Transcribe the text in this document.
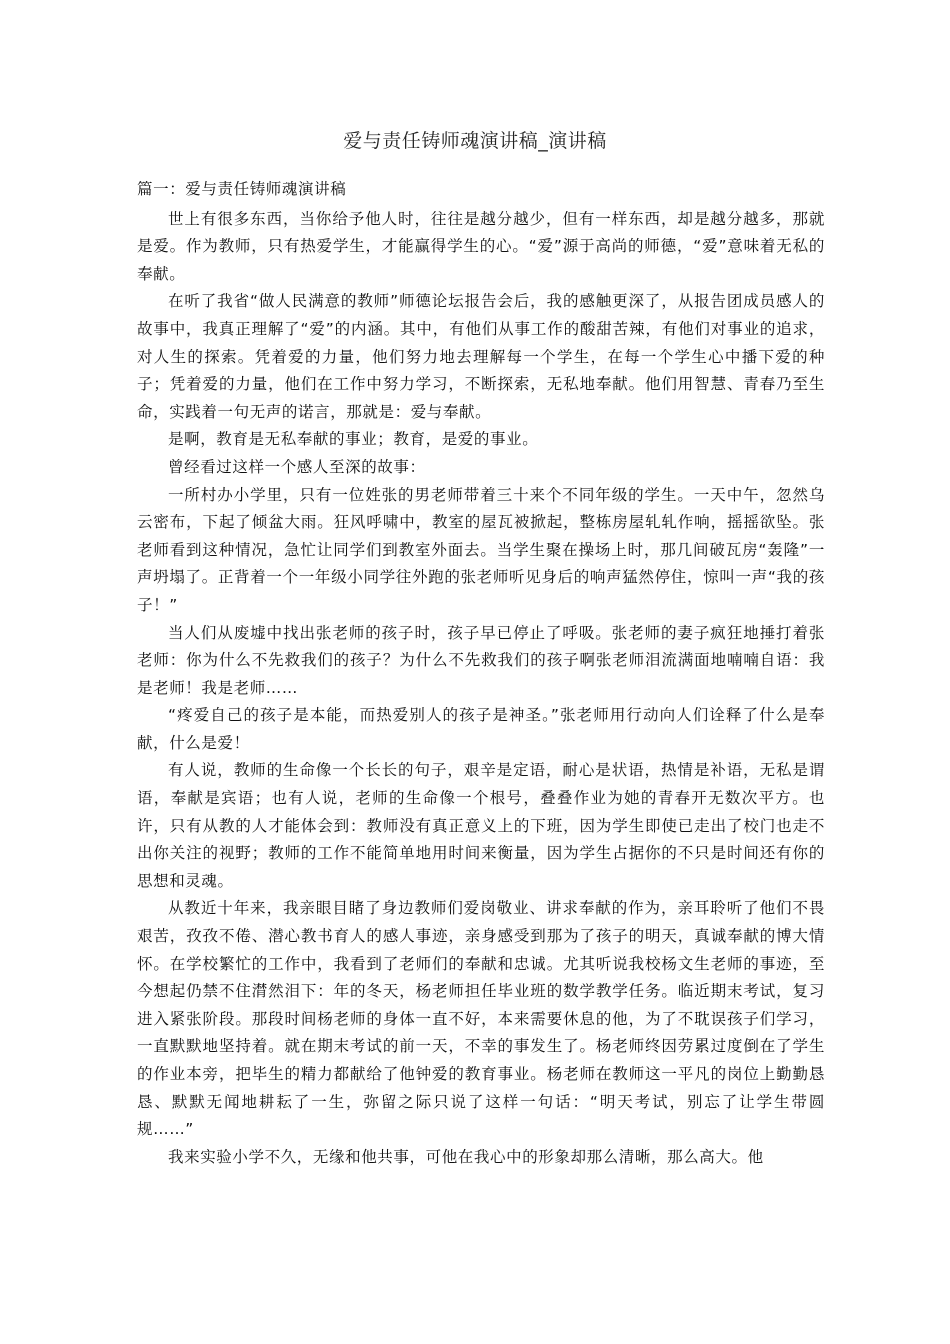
爱与责任铸师魂演讲稿_演讲稿

篇一：爱与责任铸师魂演讲稿

世上有很多东西，当你给予他人时，往往是越分越少，但有一样东西，却是越分越多，那就是爱。作为教师，只有热爱学生，才能赢得学生的心。“爱”源于高尚的师德，“爱”意味着无私的奉献。

在听了我省“做人民满意的教师”师德论坛报告会后，我的感触更深了，从报告团成员感人的故事中，我真正理解了“爱”的内涵。其中，有他们从事工作的酸甜苦辣，有他们对事业的追求，对人生的探索。凭着爱的力量，他们努力地去理解每一个学生，在每一个学生心中播下爱的种子；凭着爱的力量，他们在工作中努力学习，不断探索，无私地奉献。他们用智慧、青春乃至生命，实践着一句无声的诺言，那就是：爱与奉献。

是啊，教育是无私奉献的事业；教育，是爱的事业。

曾经看过这样一个感人至深的故事：

一所村办小学里，只有一位姓张的男老师带着三十来个不同年级的学生。一天中午，忽然乌云密布，下起了倾盆大雨。狂风呼啸中，教室的屋瓦被掀起，整栋房屋轧轧作响，摇摇欲坠。张老师看到这种情况，急忙让同学们到教室外面去。当学生聚在操场上时，那几间破瓦房“轰隆”一声坍塌了。正背着一个一年级小同学往外跑的张老师听见身后的响声猛然停住，惊叫一声“我的孩子！”

当人们从废墟中找出张老师的孩子时，孩子早已停止了呼吸。张老师的妻子疯狂地捶打着张老师：你为什么不先救我们的孩子？为什么不先救我们的孩子啊张老师泪流满面地喃喃自语：我是老师！我是老师……

“疼爱自己的孩子是本能，而热爱别人的孩子是神圣。”张老师用行动向人们诠释了什么是奉献，什么是爱！

有人说，教师的生命像一个长长的句子，艰辛是定语，耐心是状语，热情是补语，无私是谓语，奉献是宾语；也有人说，老师的生命像一个根号，叠叠作业为她的青春开无数次平方。也许，只有从教的人才能体会到：教师没有真正意义上的下班，因为学生即使已走出了校门也走不出你关注的视野；教师的工作不能简单地用时间来衡量，因为学生占据你的不只是时间还有你的思想和灵魂。

从教近十年来，我亲眼目睹了身边教师们爱岗敬业、讲求奉献的作为，亲耳聆听了他们不畏艰苦，孜孜不倦、潜心教书育人的感人事迹，亲身感受到那为了孩子的明天，真诚奉献的博大情怀。在学校繁忙的工作中，我看到了老师们的奉献和忠诚。尤其听说我校杨文生老师的事迹，至今想起仍禁不住潸然泪下：年的冬天，杨老师担任毕业班的数学教学任务。临近期末考试，复习进入紧张阶段。那段时间杨老师的身体一直不好，本来需要休息的他，为了不耽误孩子们学习，一直默默地坚持着。就在期末考试的前一天，不幸的事发生了。杨老师终因劳累过度倒在了学生的作业本旁，把毕生的精力都献给了他钟爱的教育事业。杨老师在教师这一平凡的岗位上勤勤恳恳、默默无闻地耕耘了一生，弥留之际只说了这样一句话：“明天考试，别忘了让学生带圆规……”

我来实验小学不久，无缘和他共事，可他在我心中的形象却那么清晰，那么高大。他
